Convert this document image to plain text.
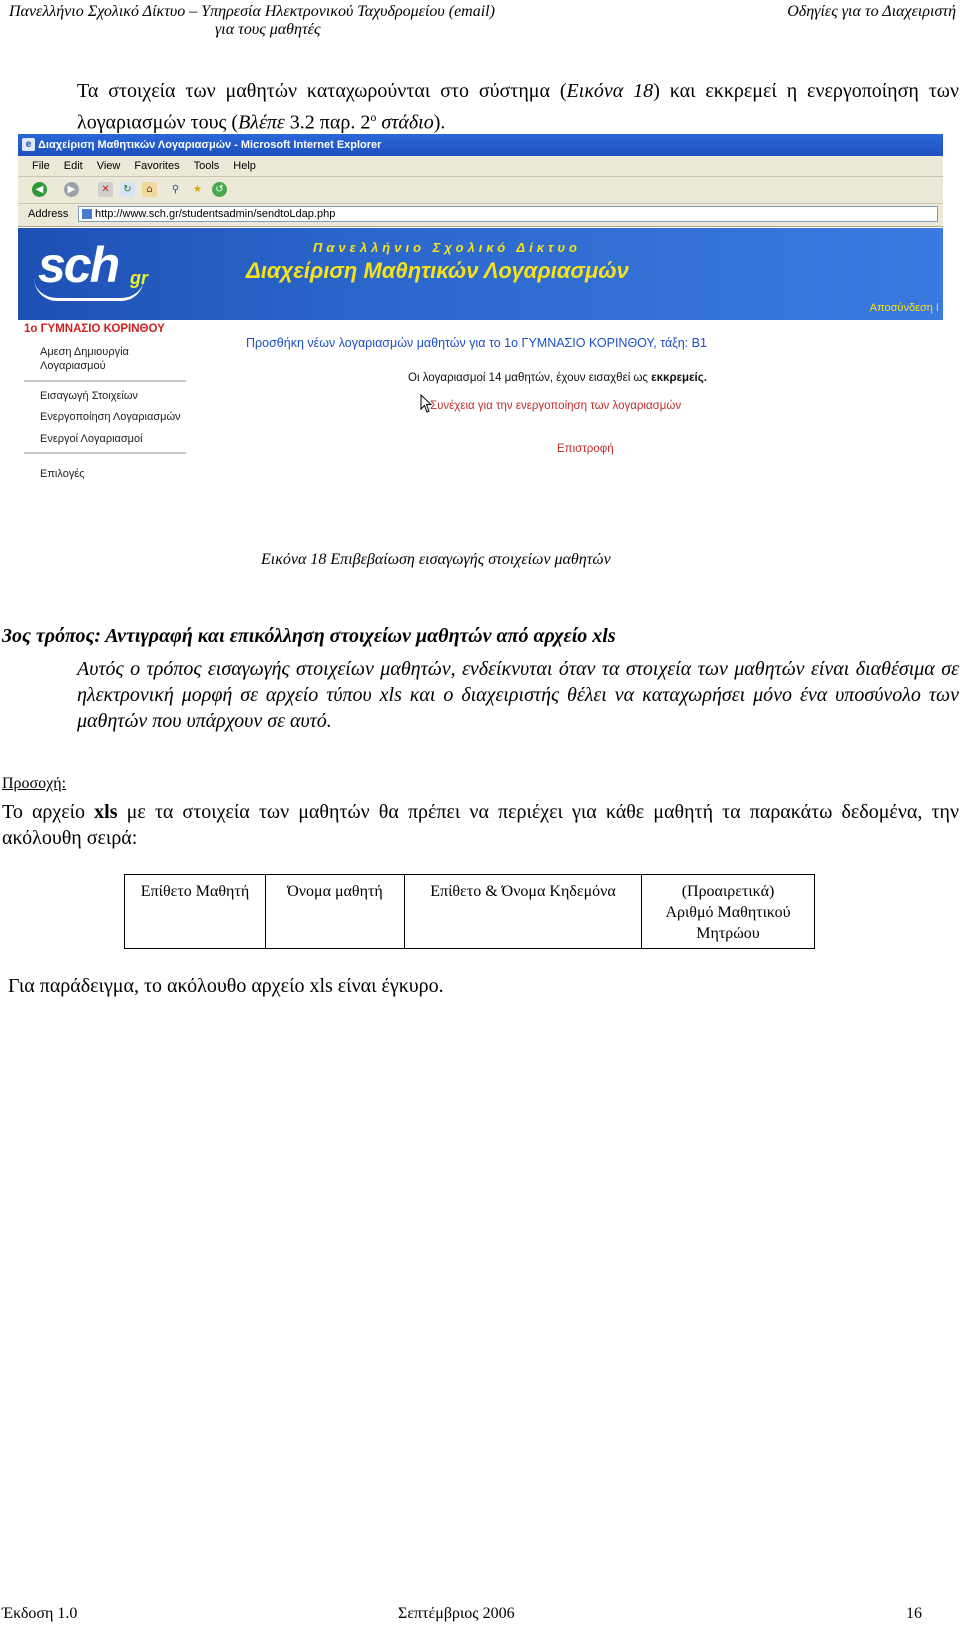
Πανελλήνιο Σχολικό Δίκτυο – Υπηρεσία Ηλεκτρονικού Ταχυδρομείου (email)
για τους μαθητές
Οδηγίες για το Διαχειριστή
Τα στοιχεία των μαθητών καταχωρούνται στο σύστημα (Εικόνα 18) και εκκρεμεί η ενεργοποίηση των λογαριασμών τους (Βλέπε 3.2 παρ. $2^o$ στάδιο).
e Διαχείριση Μαθητικών Λογαριασμών - Microsoft Internet Explorer
File Edit View Favorites Tools Help
◀	▶	✕	↻	⌂	⚲	★	↺
Address	http://www.sch.gr/studentsadmin/sendtoLdap.php
sch gr
Πανελλήνιο Σχολικό Δίκτυο
Διαχείριση Μαθητικών Λογαριασμών
Αποσύνδεση Ι
1ο ΓΥΜΝΑΣΙΟ ΚΟΡΙΝΘΟΥ
Αμεση Δημιουργία
Λογαριασμού
Εισαγωγή Στοιχείων
Ενεργοποίηση Λογαριασμών
Ενεργοί Λογαριασμοί
Επιλογές
Προσθήκη νέων λογαριασμών μαθητών για το 1ο ΓΥΜΝΑΣΙΟ ΚΟΡΙΝΘΟΥ, τάξη: Β1
Οι λογαριασμοί 14 μαθητών, έχουν εισαχθεί ως εκκρεμείς.
Συνέχεια για την ενεργοποίηση των λογαριασμών
Επιστροφή
Εικόνα 18 Επιβεβαίωση εισαγωγής στοιχείων μαθητών
3ος τρόπος: Αντιγραφή και επικόλληση στοιχείων μαθητών από αρχείο xls
Αυτός ο τρόπος εισαγωγής στοιχείων μαθητών, ενδείκνυται όταν τα στοιχεία των μαθητών είναι διαθέσιμα σε ηλεκτρονική μορφή σε αρχείο τύπου xls και ο διαχειριστής θέλει να καταχωρήσει μόνο ένα υποσύνολο των μαθητών που υπάρχουν σε αυτό.
Προσοχή:
Το αρχείο xls με τα στοιχεία των μαθητών θα πρέπει να περιέχει για κάθε μαθητή τα παρακάτω δεδομένα, την ακόλουθη σειρά:
Επίθετο Μαθητή	Όνομα μαθητή	Επίθετο & Όνομα Κηδεμόνα	(Προαιρετικά)
Αριθμό Μαθητικού
Μητρώου
Για παράδειγμα, το ακόλουθο αρχείο xls είναι έγκυρο.
Έκδοση 1.0	Σεπτέμβριος 2006	16
